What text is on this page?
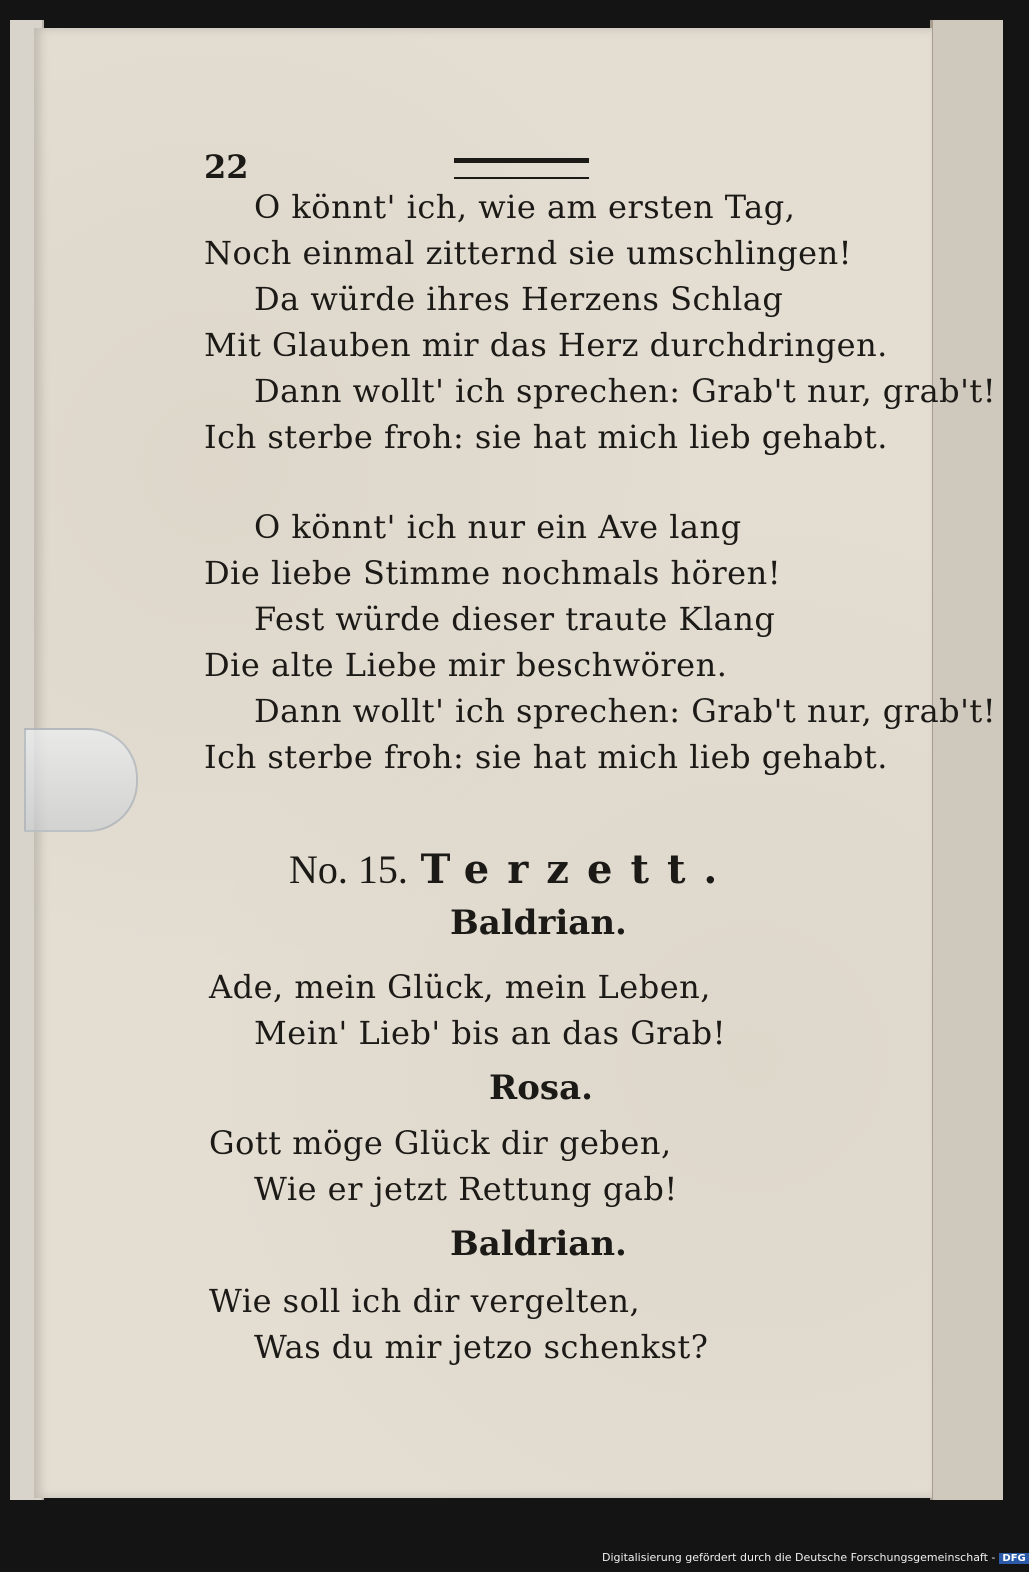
22
O könnt' ich, wie am ersten Tag,
Noch einmal zitternd sie umschlingen!
Da würde ihres Herzens Schlag
Mit Glauben mir das Herz durchdringen.
Dann wollt' ich sprechen: Grab't nur, grab't!
Ich sterbe froh: sie hat mich lieb gehabt.
O könnt' ich nur ein Ave lang
Die liebe Stimme nochmals hören!
Fest würde dieser traute Klang
Die alte Liebe mir beschwören.
Dann wollt' ich sprechen: Grab't nur, grab't!
Ich sterbe froh: sie hat mich lieb gehabt.
No. 15. Terzett.
Baldrian.
Ade, mein Glück, mein Leben,
Mein' Lieb' bis an das Grab!
Rosa.
Gott möge Glück dir geben,
Wie er jetzt Rettung gab!
Baldrian.
Wie soll ich dir vergelten,
Was du mir jetzo schenkst?
Digitalisierung gefördert durch die Deutsche Forschungsgemeinschaft - DFG
